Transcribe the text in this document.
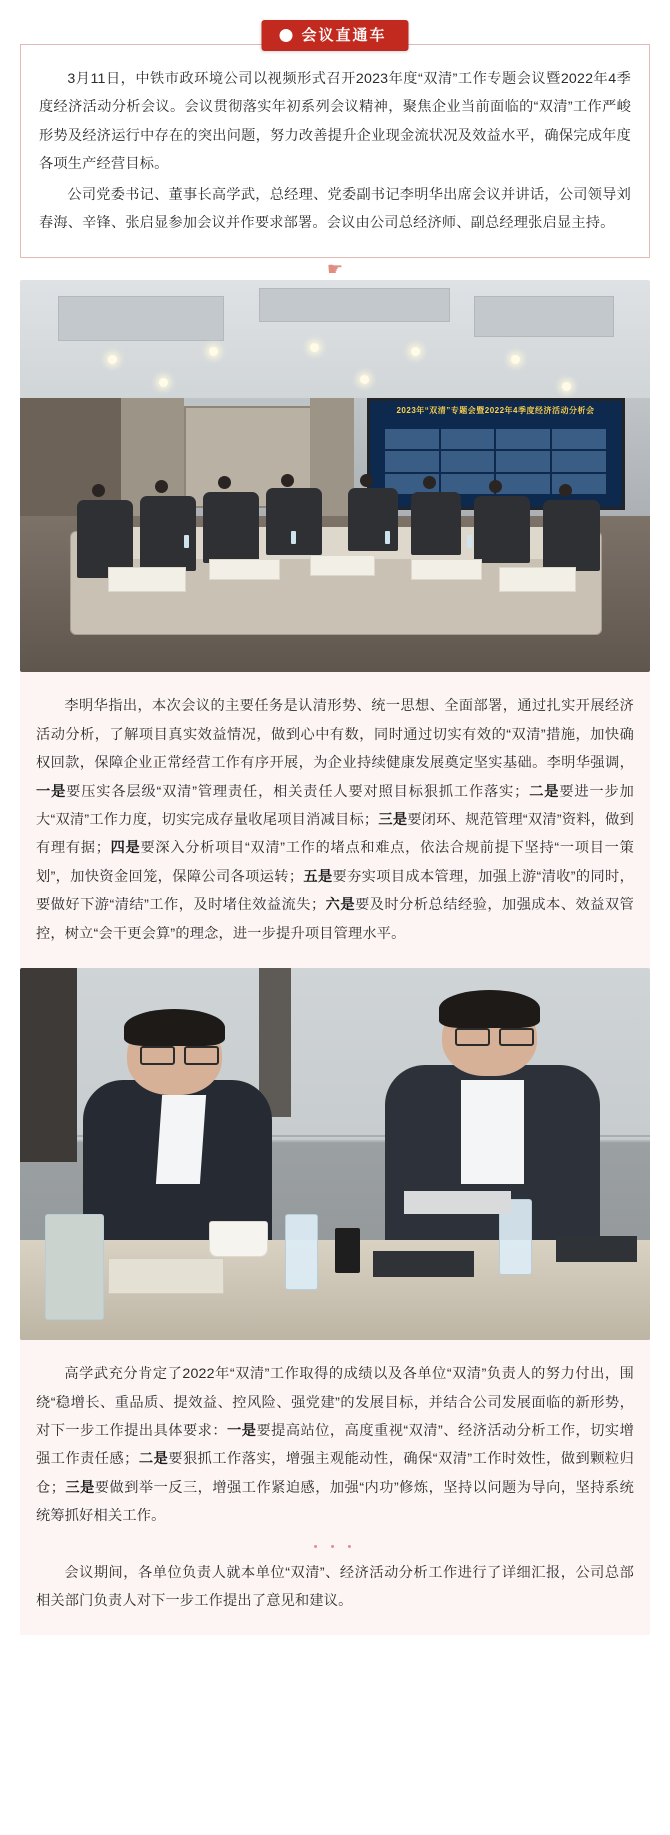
会议直通车

3月11日，中铁市政环境公司以视频形式召开2023年度“双清”工作专题会议暨2022年4季度经济活动分析会议。会议贯彻落实年初系列会议精神，聚焦企业当前面临的“双清”工作严峻形势及经济运行中存在的突出问题，努力改善提升企业现金流状况及效益水平，确保完成年度各项生产经营目标。

公司党委书记、董事长高学武，总经理、党委副书记李明华出席会议并讲话，公司领导刘春海、辛锋、张启显参加会议并作要求部署。会议由公司总经济师、副总经理张启显主持。

☛
2023年“双清”专题会暨2022年4季度经济活动分析会

李明华指出，本次会议的主要任务是认清形势、统一思想、全面部署，通过扎实开展经济活动分析，了解项目真实效益情况，做到心中有数，同时通过切实有效的“双清”措施，加快确权回款，保障企业正常经营工作有序开展，为企业持续健康发展奠定坚实基础。李明华强调，一是要压实各层级“双清”管理责任，相关责任人要对照目标狠抓工作落实；二是要进一步加大“双清”工作力度，切实完成存量收尾项目消减目标；三是要闭环、规范管理“双清”资料，做到有理有据；四是要深入分析项目“双清”工作的堵点和难点，依法合规前提下坚持“一项目一策划”，加快资金回笼，保障公司各项运转；五是要夯实项目成本管理，加强上游“清收”的同时，要做好下游“清结”工作，及时堵住效益流失；六是要及时分析总结经验，加强成本、效益双管控，树立“会干更会算”的理念，进一步提升项目管理水平。

高学武充分肯定了2022年“双清”工作取得的成绩以及各单位“双清”负责人的努力付出，围绕“稳增长、重品质、提效益、控风险、强党建”的发展目标，并结合公司发展面临的新形势，对下一步工作提出具体要求：一是要提高站位，高度重视“双清”、经济活动分析工作，切实增强工作责任感；二是要狠抓工作落实，增强主观能动性，确保“双清”工作时效性，做到颗粒归仓；三是要做到举一反三，增强工作紧迫感，加强“内功”修炼，坚持以问题为导向，坚持系统统筹抓好相关工作。

• • •

会议期间，各单位负责人就本单位“双清”、经济活动分析工作进行了详细汇报，公司总部相关部门负责人对下一步工作提出了意见和建议。
